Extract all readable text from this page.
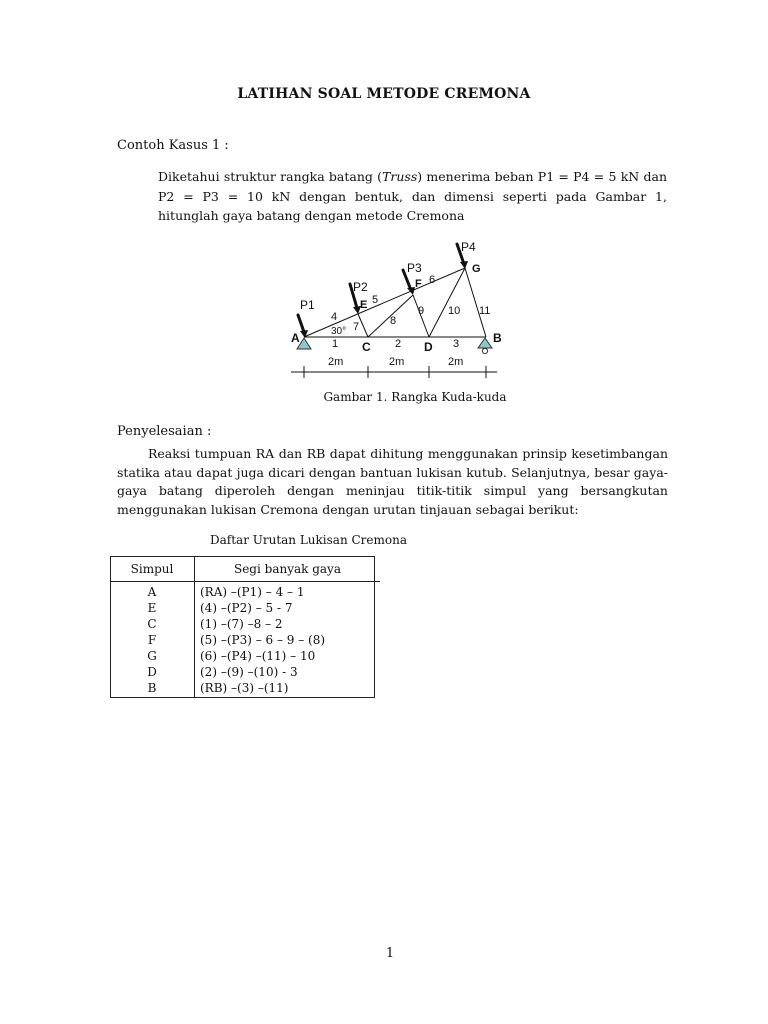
LATIHAN SOAL METODE CREMONA
Contoh Kasus 1 :
Diketahui struktur rangka batang (Truss) menerima beban P1 = P4 = 5 kN dan P2 = P3 = 10 kN dengan bentuk, dan dimensi seperti pada Gambar 1, hitunglah gaya batang dengan metode Cremona
P1
P2
P3
P4
A
E
F
G
C	D
B
1	2	3
4
5
6
7	8
9 10 11
30°
2m	2m	2m
Gambar 1. Rangka Kuda-kuda
Penyelesaian :
Reaksi tumpuan RA dan RB dapat dihitung menggunakan prinsip kesetimbangan statika atau dapat juga dicari dengan bantuan lukisan kutub. Selanjutnya, besar gaya-gaya batang diperoleh dengan meninjau titik-titik simpul yang bersangkutan menggunakan lukisan Cremona dengan urutan tinjauan sebagai berikut:
Daftar Urutan Lukisan Cremona
Simpul	Segi banyak gaya
A	(RA) –(P1) – 4 – 1
E	(4) –(P2) – 5 - 7
C	(1) –(7) –8 – 2
F	(5) –(P3) – 6 – 9 – (8)
G	(6) –(P4) –(11) – 10
D	(2) –(9) –(10) - 3
B	(RB) –(3) –(11)
1
